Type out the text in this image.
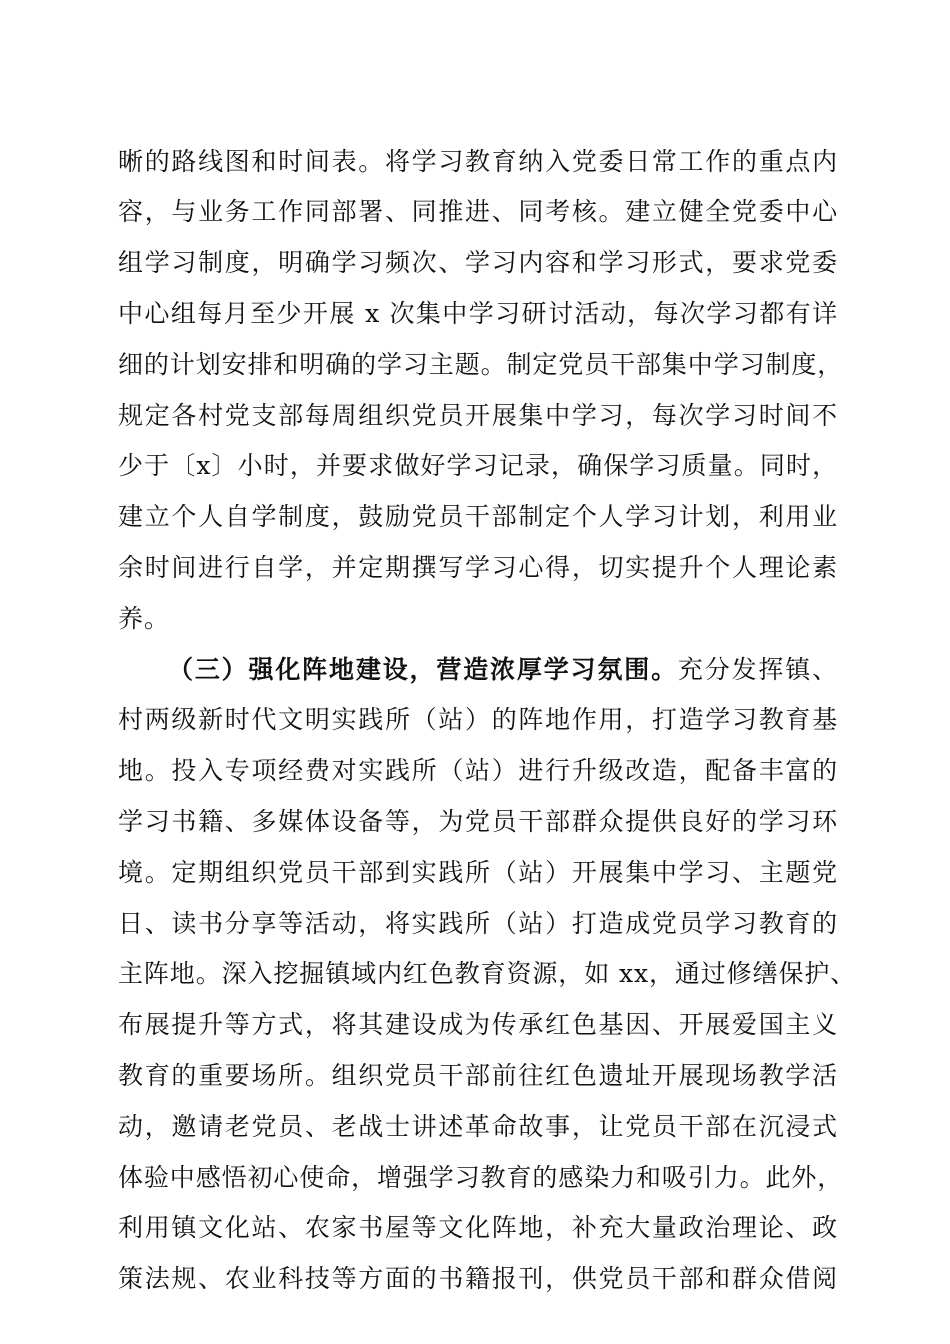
晰的路线图和时间表。将学习教育纳入党委日常工作的重点内
容，与业务工作同部署、同推进、同考核。建立健全党委中心
组学习制度，明确学习频次、学习内容和学习形式，要求党委
中心组每月至少开展 x 次集中学习研讨活动，每次学习都有详
细的计划安排和明确的学习主题。制定党员干部集中学习制度，
规定各村党支部每周组织党员开展集中学习，每次学习时间不
少于〔x〕小时，并要求做好学习记录，确保学习质量。同时，
建立个人自学制度，鼓励党员干部制定个人学习计划，利用业
余时间进行自学，并定期撰写学习心得，切实提升个人理论素
养。
（三）强化阵地建设，营造浓厚学习氛围。充分发挥镇、
村两级新时代文明实践所（站）的阵地作用，打造学习教育基
地。投入专项经费对实践所（站）进行升级改造，配备丰富的
学习书籍、多媒体设备等，为党员干部群众提供良好的学习环
境。定期组织党员干部到实践所（站）开展集中学习、主题党
日、读书分享等活动，将实践所（站）打造成党员学习教育的
主阵地。深入挖掘镇域内红色教育资源，如 xx，通过修缮保护、
布展提升等方式，将其建设成为传承红色基因、开展爱国主义
教育的重要场所。组织党员干部前往红色遗址开展现场教学活
动，邀请老党员、老战士讲述革命故事，让党员干部在沉浸式
体验中感悟初心使命，增强学习教育的感染力和吸引力。此外，
利用镇文化站、农家书屋等文化阵地，补充大量政治理论、政
策法规、农业科技等方面的书籍报刊，供党员干部和群众借阅
